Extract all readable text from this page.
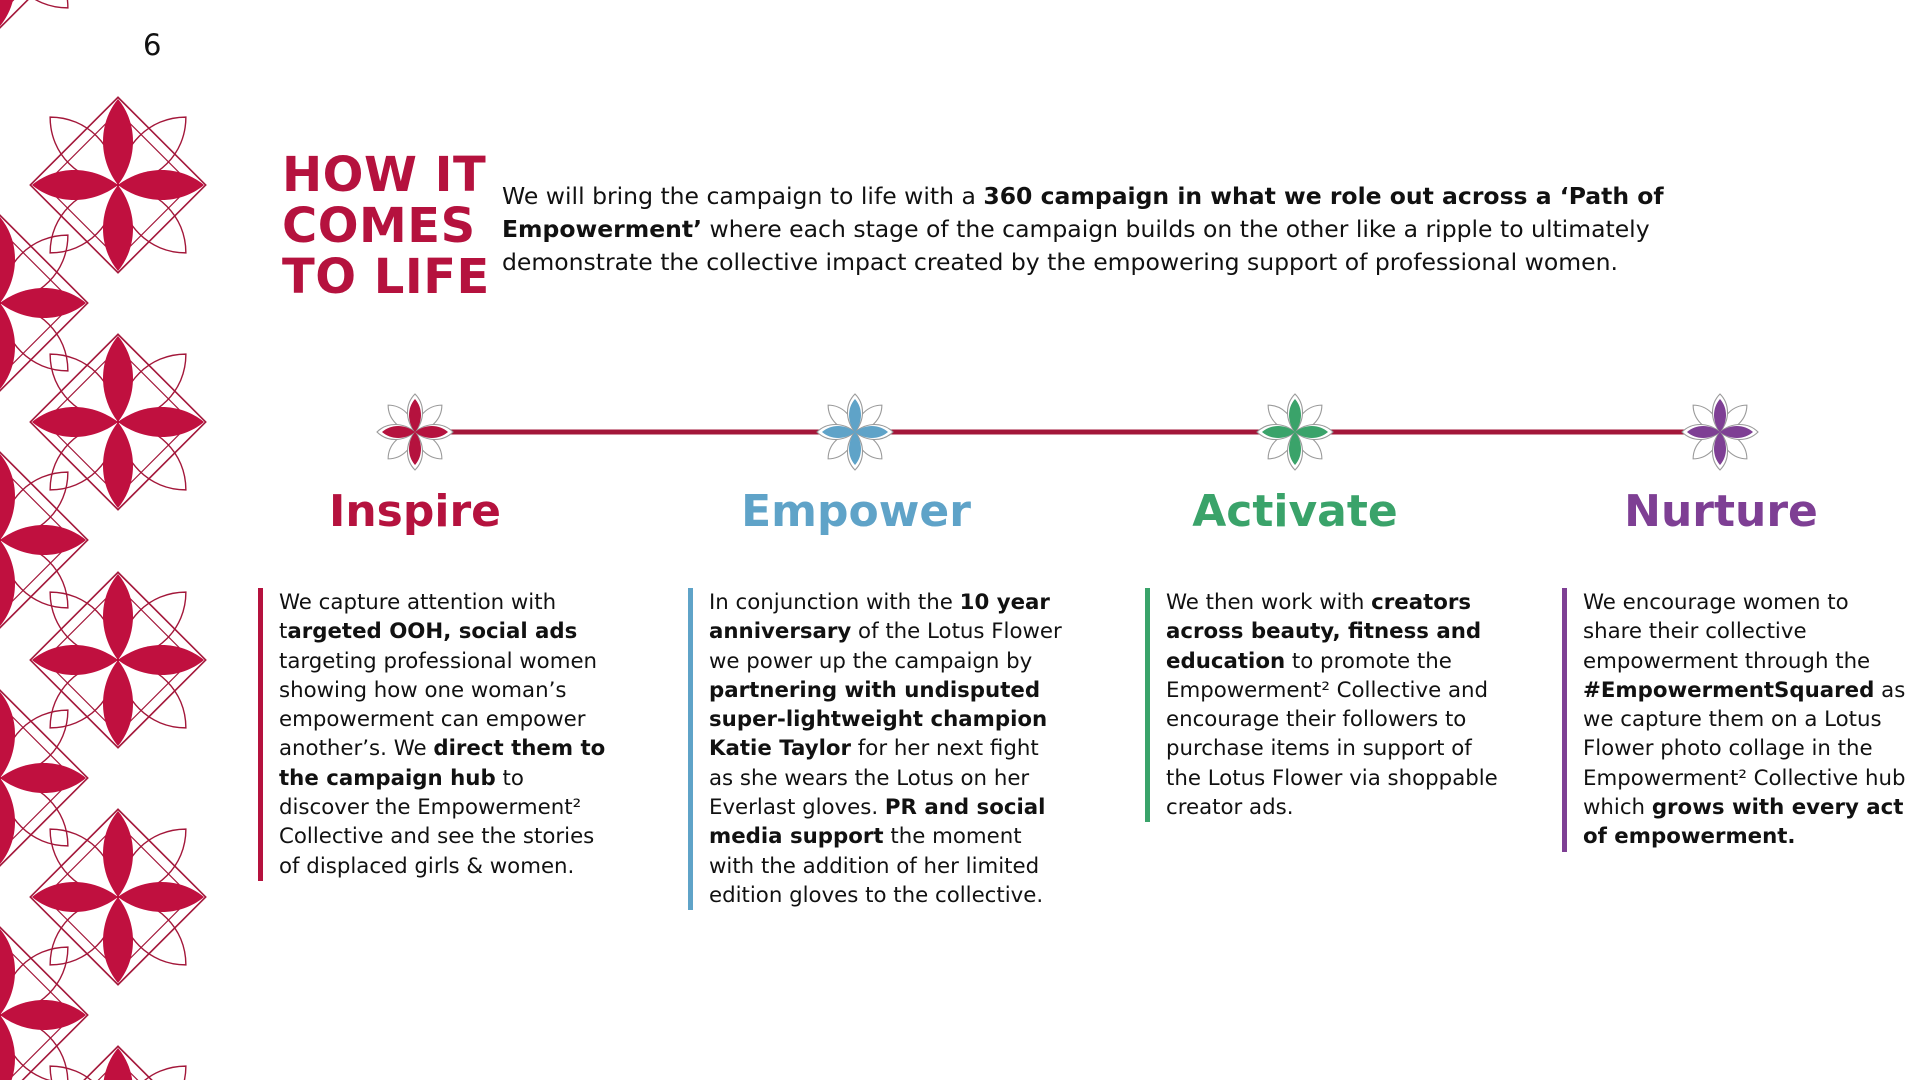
6
HOW IT
COMES
TO LIFE

We will bring the campaign to life with a 360 campaign in what we role out across a ‘Path of Empowerment’ where each stage of the campaign builds on the other like a ripple to ultimately demonstrate the collective impact created by the empowering support of professional women.

Inspire	Empower	Activate	Nurture

We capture attention with targeted OOH, social ads targeting professional women showing how one woman’s empowerment can empower another’s. We direct them to the campaign hub to discover the Empowerment² Collective and see the stories of displaced girls & women.

In conjunction with the 10 year anniversary of the Lotus Flower we power up the campaign by partnering with undisputed super-lightweight champion Katie Taylor for her next fight as she wears the Lotus on her Everlast gloves. PR and social media support the moment with the addition of her limited edition gloves to the collective.

We then work with creators across beauty, fitness and education to promote the Empowerment² Collective and encourage their followers to purchase items in support of the Lotus Flower via shoppable creator ads.

We encourage women to share their collective empowerment through the #EmpowermentSquared as we capture them on a Lotus Flower photo collage in the Empowerment² Collective hub which grows with every act of empowerment.
